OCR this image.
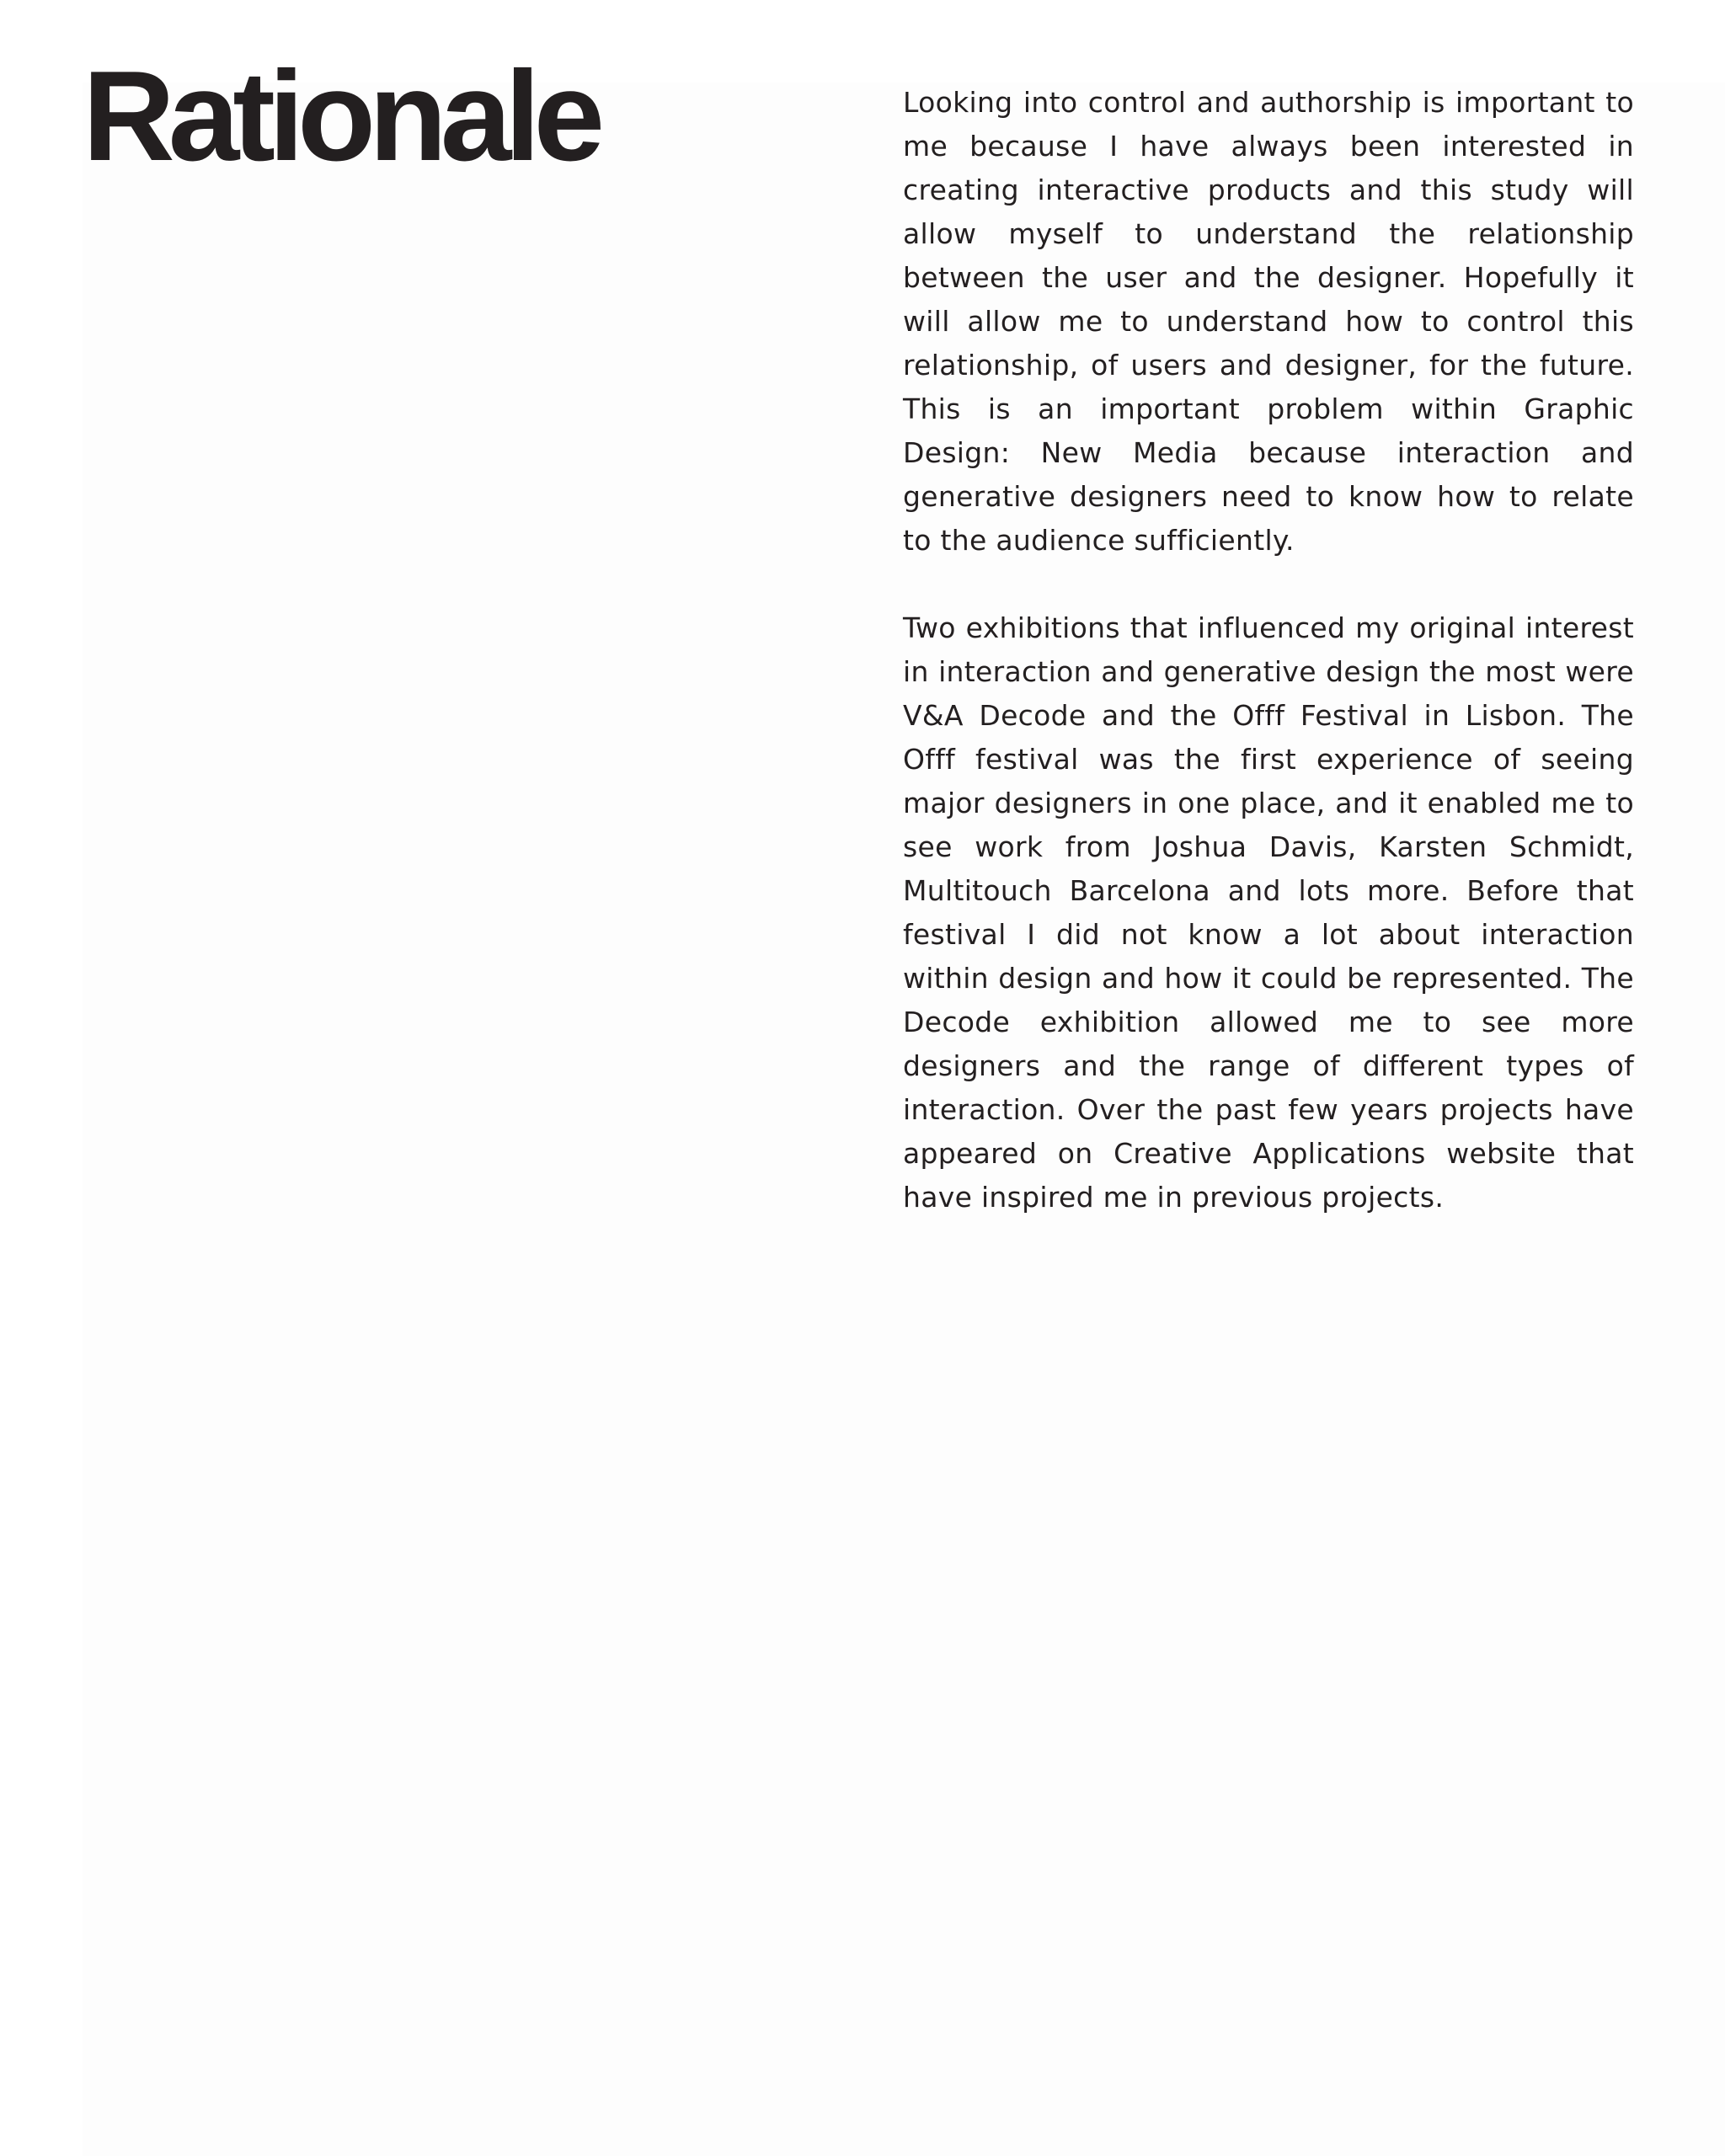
Rationale	Looking into control and authorship is important to me because I have always been interested in creating interactive products and this study will allow myself to understand the relationship between the user and the designer. Hopefully it will allow me to understand how to control this relationship, of users and designer, for the future. This is an important problem within Graphic Design: New Media because interaction and generative designers need to know how to relate to the audience sufficiently.

Two exhibitions that influenced my original interest in interaction and generative design the most were V&A Decode and the Offf Festival in Lisbon. The Offf festival was the first experience of seeing major designers in one place, and it enabled me to see work from Joshua Davis, Karsten Schmidt, Multitouch Barcelona and lots more. Before that festival I did not know a lot about interaction within design and how it could be represented. The Decode exhibition allowed me to see more designers and the range of different types of interaction. Over the past few years projects have appeared on Creative Applications website that have inspired me in previous projects.
